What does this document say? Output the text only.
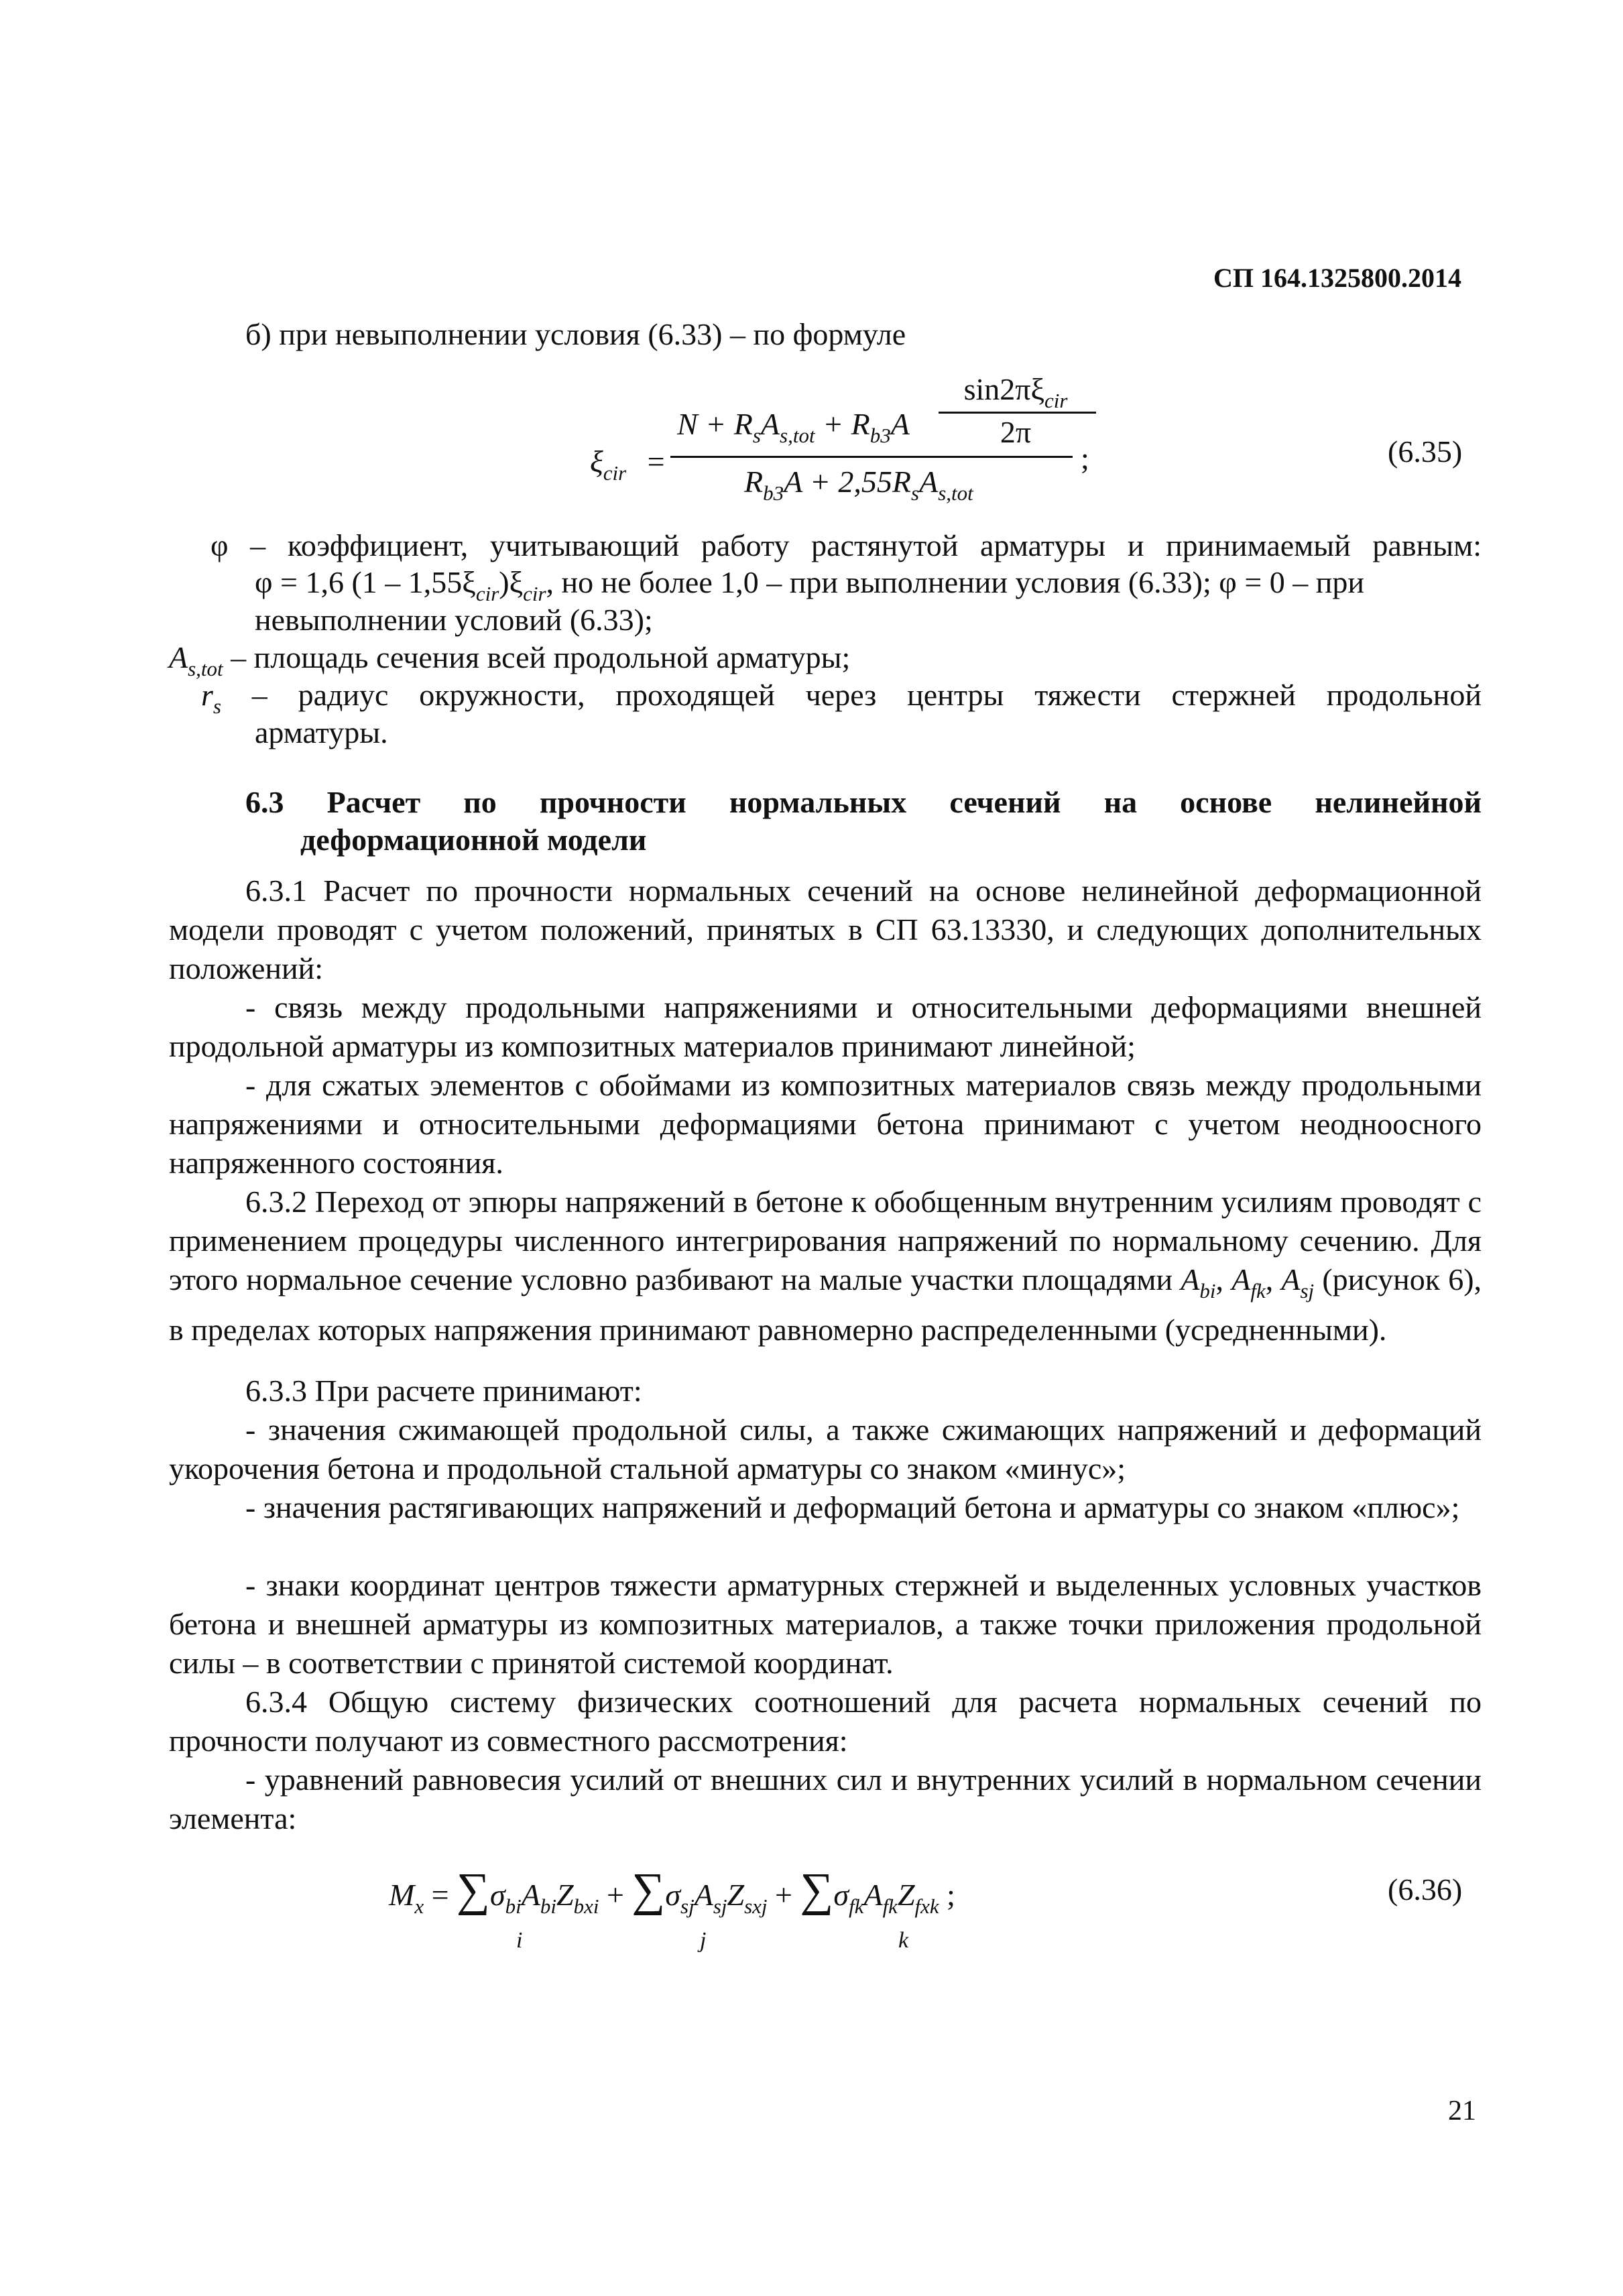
СП 164.1325800.2014
б) при невыполнении условия (6.33) – по формуле
$\xi_{cir}$ =
$N + R_sA_{s,tot} + R_{b3}A$
$\sin 2\pi\xi_{cir}$
2π
;
$R_{b3}A + 2,55R_sA_{s,tot}$
(6.35)
φ – коэффициент, учитывающий работу растянутой арматуры и принимаемый равным:
φ = 1,6 $(1 - 1,55\xi_{cir})\xi_{cir}$, но не более 1,0 – при выполнении условия (6.33); φ = 0 – при
невыполнении условий (6.33);
$A_{s,tot}$ – площадь сечения всей продольной арматуры;
$r_s$ – радиус окружности, проходящей через центры тяжести стержней продольной
арматуры.
6.3 Расчет по прочности нормальных сечений на основе нелинейной
деформационной модели

6.3.1 Расчет по прочности нормальных сечений на основе нелинейной деформационной модели проводят с учетом положений, принятых в СП 63.13330, и следующих дополнительных положений:

- связь между продольными напряжениями и относительными деформациями внешней продольной арматуры из композитных материалов принимают линейной;

- для сжатых элементов с обоймами из композитных материалов связь между продольными напряжениями и относительными деформациями бетона принимают с учетом неодноосного напряженного состояния.

6.3.2 Переход от эпюры напряжений в бетоне к обобщенным внутренним усилиям проводят с применением процедуры численного интегрирования напряжений по нормальному сечению. Для этого нормальное сечение условно разбивают на малые участки площадями $A_{bi}$, $A_{fk}$, $A_{sj}$ (рисунок 6), в пределах которых напряжения принимают равномерно распределенными (усредненными).

6.3.3 При расчете принимают:

- значения сжимающей продольной силы, а также сжимающих напряжений и деформаций укорочения бетона и продольной стальной арматуры со знаком «минус»;

- значения растягивающих напряжений и деформаций бетона и арматуры со знаком «плюс»;

- знаки координат центров тяжести арматурных стержней и выделенных условных участков бетона и внешней арматуры из композитных материалов, а также точки приложения продольной силы – в соответствии с принятой системой координат.

6.3.4 Общую систему физических соотношений для расчета нормальных сечений по прочности получают из совместного рассмотрения:

- уравнений равновесия усилий от внешних сил и внутренних усилий в нормальном сечении элемента:

$M_x = \sum\sigma_{bi}A_{bi}Z_{bxi} + \sum\sigma_{sj}A_{sj}Z_{sxj} + \sum\sigma_{fk}A_{fk}Z_{fxk}$ ;
i	j	k
(6.36)
21
